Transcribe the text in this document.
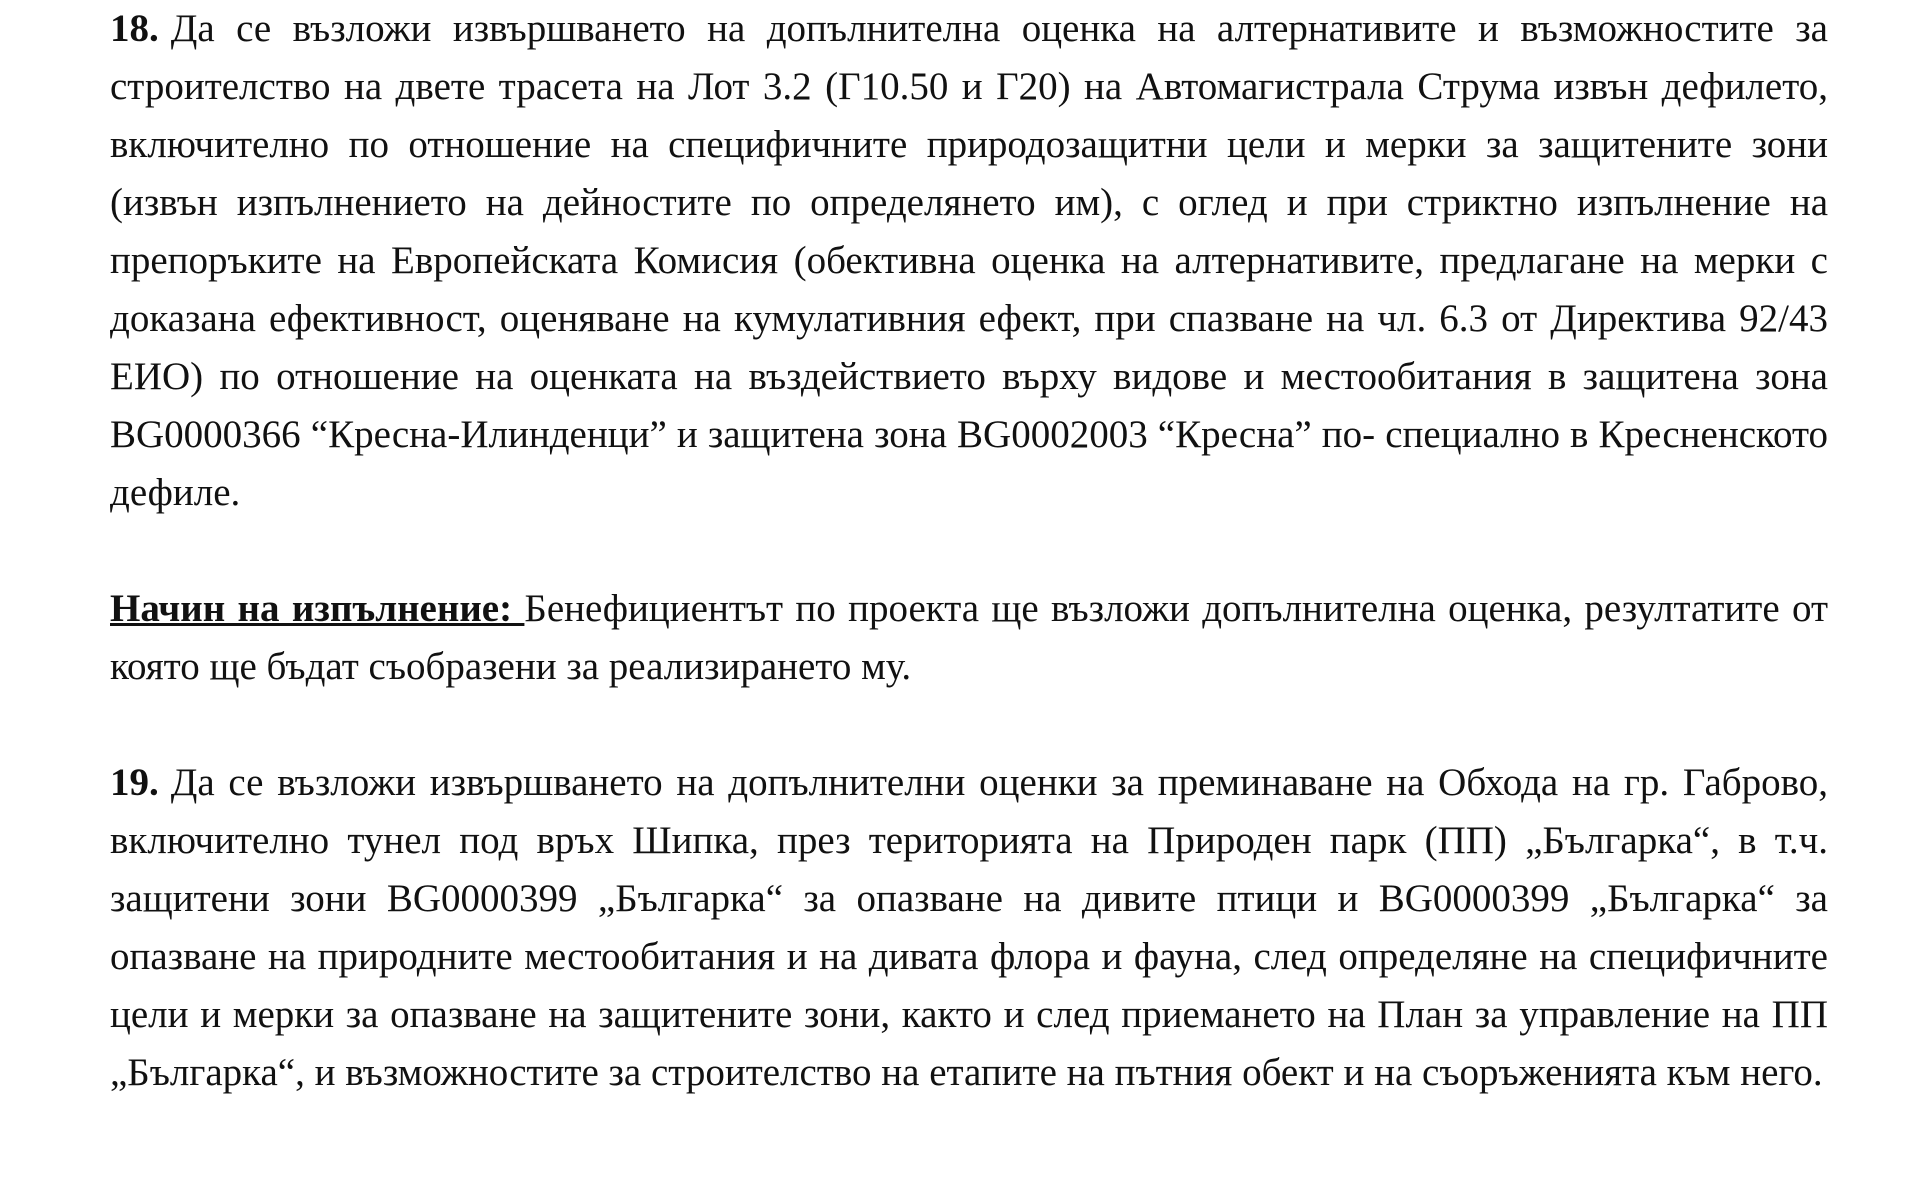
18. Да се възложи извършването на допълнителна оценка на алтернативите и възможностите за строителство на двете трасета на Лот 3.2 (Г10.50 и Г20) на Автомагистрала Струма извън дефилето, включително по отношение на специфичните природозащитни цели и мерки за защитените зони (извън изпълнението на дейностите по определянето им), с оглед и при стриктно изпълнение на препоръките на Европейската Комисия (обективна оценка на алтернативите, предлагане на мерки с доказана ефективност, оценяване на кумулативния ефект, при спазване на чл. 6.3 от Директива 92/43 ЕИО) по отношение на оценката на въздействието върху видове и местообитания в защитена зона BG0000366 “Кресна-Илинденци” и защитена зона BG0002003 “Кресна” по- специално в Кресненското дефиле.

Начин на изпълнение: Бенефициентът по проекта ще възложи допълнителна оценка, резултатите от която ще бъдат съобразени за реализирането му.

19. Да се възложи извършването на допълнителни оценки за преминаване на Обхода на гр. Габрово, включително тунел под връх Шипка, през територията на Природен парк (ПП) „Българка“, в т.ч. защитени зони BG0000399 „Българка“ за опазване на дивите птици и BG0000399 „Българка“ за опазване на природните местообитания и на дивата флора и фауна, след определяне на специфичните цели и мерки за опазване на защитените зони, както и след приемането на План за управление на ПП „Българка“, и възможностите за строителство на етапите на пътния обект и на съоръженията към него.
